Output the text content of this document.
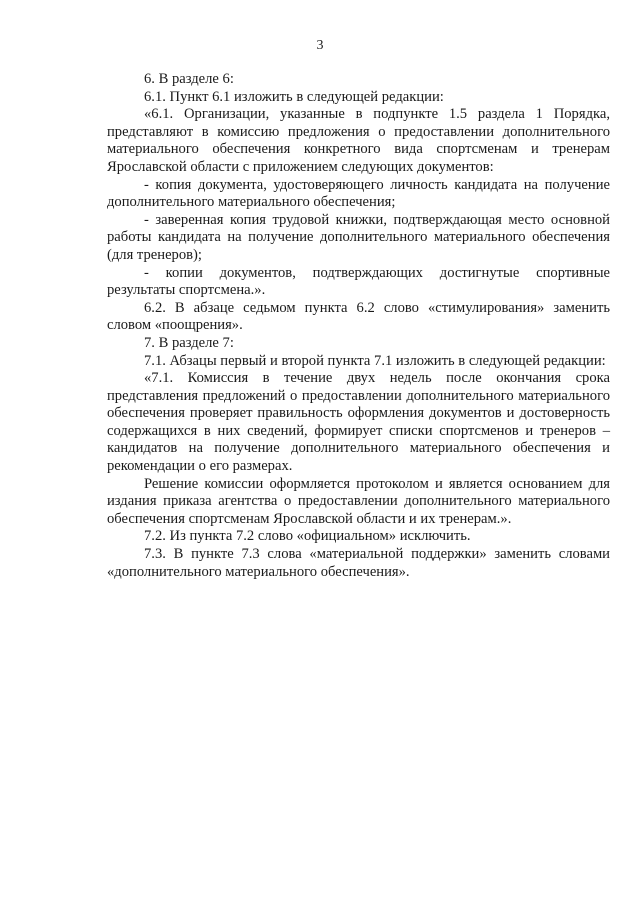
3

6. В разделе 6:

6.1. Пункт 6.1 изложить в следующей редакции:

«6.1. Организации, указанные в подпункте 1.5 раздела 1 Порядка, представляют в комиссию предложения о предоставлении дополнительного материального обеспечения конкретного вида спортсменам и тренерам Ярославской области с приложением следующих документов:

- копия документа, удостоверяющего личность кандидата на получение дополнительного материального обеспечения;

- заверенная копия трудовой книжки, подтверждающая место основной работы кандидата на получение дополнительного материального обеспечения (для тренеров);

- копии документов, подтверждающих достигнутые спортивные результаты спортсмена.».

6.2. В абзаце седьмом пункта 6.2 слово «стимулирования» заменить словом «поощрения».

7. В разделе 7:

7.1. Абзацы первый и второй пункта 7.1 изложить в следующей редакции:

«7.1. Комиссия в течение двух недель после окончания срока представления предложений о предоставлении дополнительного материального обеспечения проверяет правильность оформления документов и достоверность содержащихся в них сведений, формирует списки спортсменов и тренеров – кандидатов на получение дополнительного материального обеспечения и рекомендации о его размерах.

Решение комиссии оформляется протоколом и является основанием для издания приказа агентства о предоставлении дополнительного материального обеспечения спортсменам Ярославской области и их тренерам.».

7.2. Из пункта 7.2 слово «официальном» исключить.

7.3. В пункте 7.3 слова «материальной поддержки» заменить словами «дополнительного материального обеспечения».
